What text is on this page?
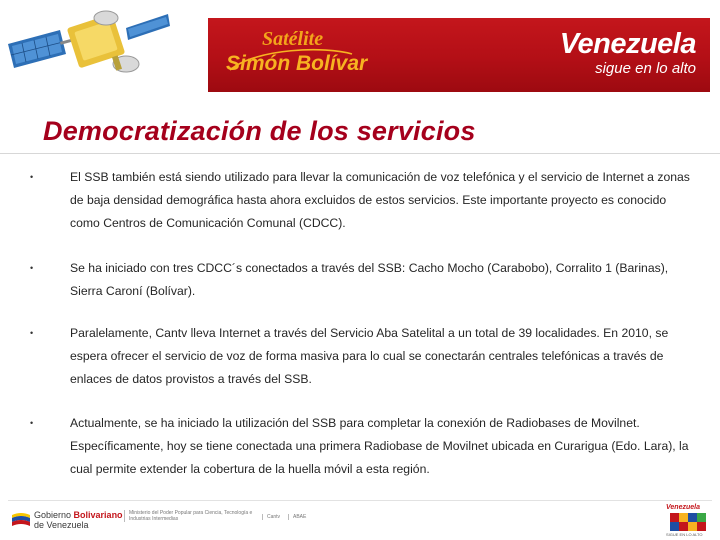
Satélite
Simón Bolívar
Venezuela
sigue en lo alto
Democratización de los servicios
•	El SSB también está siendo utilizado para llevar la comunicación de voz telefónica y el servicio de Internet a zonas de baja densidad demográfica hasta ahora excluidos de estos servicios. Este importante proyecto es conocido como Centros de Comunicación Comunal (CDCC).
•	Se ha iniciado con tres CDCC´s conectados a través del SSB: Cacho Mocho (Carabobo), Corralito 1 (Barinas), Sierra Caroní (Bolívar).
•	Paralelamente, Cantv lleva Internet a través del Servicio Aba Satelital a un total de 39 localidades. En 2010, se espera ofrecer el servicio de voz de forma masiva para lo cual se conectarán centrales telefónicas a través de enlaces de datos provistos a través del SSB.
•	Actualmente, se ha iniciado la utilización del SSB para completar la conexión de Radiobases de Movilnet. Específicamente, hoy se tiene conectada una primera Radiobase de Movilnet ubicada en Curarigua (Edo. Lara), la cual permite extender la cobertura de la huella móvil a esta región.
Gobierno Bolivariano
de Venezuela
Ministerio del Poder Popular para Ciencia, Tecnología e Industrias Intermedias	Cantv	ABAE
Venezuela
SIGUE EN LO ALTO
